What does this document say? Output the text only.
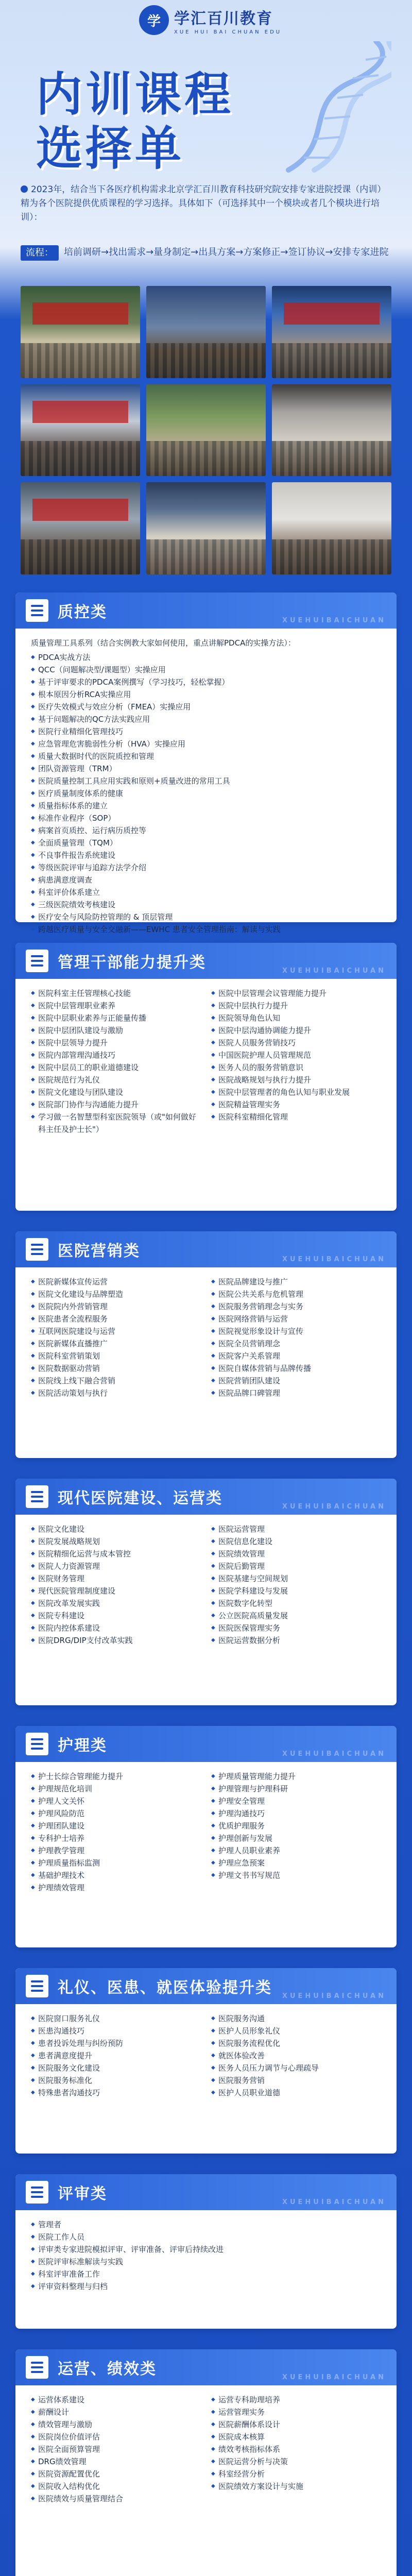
学 学汇百川教育
XUE HUI BAI CHUAN EDU
内训课程
选择单
2023年，结合当下各医疗机构需求北京学汇百川教育科技研究院安排专家进院授课（内训）精为各个医院提供优质课程的学习选择。具体如下（可选择其中一个模块或者几个模块进行培训）：
流程：	培前调研→找出需求→量身制定→出具方案→方案修正→签订协议→安排专家进院
质控类	XUEHUIBAICHUAN
质量管理工具系列（结合实例教大家如何使用，重点讲解PDCA的实操方法）：
◆ PDCA实战方法
◆ QCC（问题解决型/课题型）实操应用
◆ 基于评审要求的PDCA案例撰写（学习技巧，轻松掌握）
◆ 根本原因分析RCA实操应用
◆ 医疗失效模式与效应分析（FMEA）实操应用
◆ 基于问题解决的QC方法实践应用
◆ 医院行业精细化管理技巧
◆ 应急管理危害脆弱性分析（HVA）实操应用
◆ 质量大数据时代的医院质控和管理
◆ 团队资源管理（TRM）
◆ 医院质量控制工具应用实践和原则+质量改进的常用工具
◆ 医疗质量制度体系的健康
◆ 质量指标体系的建立
◆ 标准作业程序（SOP）
◆ 病案首页质控、运行病历质控等
◆ 全面质量管理（TQM）
◆ 不良事件报告系统建设
◆ 等级医院评审与追踪方法学介绍
◆ 病患满意度调查
◆ 科室评价体系建立
◆ 三级医院绩效考核建设
◆ 医疗安全与风险防控管理的 & 顶层管理
◆ 跨越医疗质量与安全交融新——EWHC 患者安全管理指南：解读与实践
管理干部能力提升类	XUEHUIBAICHUAN
◆ 医院科室主任管理核心技能	◆ 医院中层管理会议管理能力提升
◆ 医院中层管理职业素养	◆ 医院中层执行力提升
◆ 医院中层职业素养与正能量传播	◆ 医院领导角色认知
◆ 医院中层团队建设与激励	◆ 医院中层沟通协调能力提升
◆ 医院中层领导力提升	◆ 医院人员服务营销技巧
◆ 医院内部管理沟通技巧	◆ 中国医院护理人员管理规范
◆ 医院中层员工的职业道德建设	◆ 医务人员的服务营销意识
◆ 医院规范行为礼仪	◆ 医院战略规划与执行力提升
◆ 医院文化建设与团队建设	◆ 医院中层管理者的角色认知与职业发展
◆ 医院部门协作与沟通能力提升	◆ 医院精益管理实务
◆ 学习做一名智慧型科室医院领导（或"如何做好科主任及护士长"）
◆ 医院科室精细化管理
医院营销类	XUEHUIBAICHUAN
◆ 医院新媒体宣传运营	◆ 医院品牌建设与推广
◆ 医院文化建设与品牌塑造	◆ 医院公共关系与危机管理
◆ 医院院内外营销管理	◆ 医院服务营销理念与实务
◆ 医院患者全流程服务	◆ 医院网络营销与运营
◆ 互联网医院建设与运营	◆ 医院视觉形象设计与宣传
◆ 医院新媒体直播推广	◆ 医院全员营销理念
◆ 医院科室营销策划	◆ 医院客户关系管理
◆ 医院数据驱动营销	◆ 医院自媒体营销与品牌传播
◆ 医院线上线下融合营销	◆ 医院营销团队建设
◆ 医院活动策划与执行	◆ 医院品牌口碑管理
现代医院建设、运营类	XUEHUIBAICHUAN
◆ 医院文化建设	◆ 医院运营管理
◆ 医院发展战略规划	◆ 医院信息化建设
◆ 医院精细化运营与成本管控	◆ 医院绩效管理
◆ 医院人力资源管理	◆ 医院后勤管理
◆ 医院财务管理	◆ 医院基建与空间规划
◆ 现代医院管理制度建设	◆ 医院学科建设与发展
◆ 医院改革发展实践	◆ 医院数字化转型
◆ 医院专科建设	◆ 公立医院高质量发展
◆ 医院内控体系建设	◆ 医院医保管理实务
◆ 医院DRG/DIP支付改革实践	◆ 医院运营数据分析
护理类	XUEHUIBAICHUAN
◆ 护士长综合管理能力提升	◆ 护理质量管理能力提升
◆ 护理规范化培训	◆ 护理管理与护理科研
◆ 护理人文关怀	◆ 护理安全管理
◆ 护理风险防范	◆ 护理沟通技巧
◆ 护理团队建设	◆ 优质护理服务
◆ 专科护士培养	◆ 护理创新与发展
◆ 护理教学管理	◆ 护理人员职业素养
◆ 护理质量指标监测	◆ 护理应急预案
◆ 基础护理技术	◆ 护理文书书写规范
◆ 护理绩效管理
礼仪、医患、就医体验提升类 XUEHUIBAICHUAN
◆ 医院窗口服务礼仪	◆ 医院服务沟通
◆ 医患沟通技巧	◆ 医护人员形象礼仪
◆ 患者投诉处理与纠纷预防	◆ 医院服务流程优化
◆ 患者满意度提升	◆ 就医体验改善
◆ 医院服务文化建设	◆ 医务人员压力调节与心理疏导
◆ 医院服务标准化	◆ 医院服务营销
◆ 特殊患者沟通技巧	◆ 医护人员职业道德
评审类	XUEHUIBAICHUAN
◆ 管理者
◆ 医院工作人员
◆ 评审类专家进院模拟评审、评审准备、评审后持续改进
◆ 医院评审标准解读与实践
◆ 科室评审准备工作
◆ 评审资料整理与归档
运营、绩效类	XUEHUIBAICHUAN
◆ 运营体系建设	◆ 运营专科助理培养
◆ 薪酬设计	◆ 运营管理实务
◆ 绩效管理与激励	◆ 医院薪酬体系设计
◆ 医院岗位价值评估	◆ 医院成本核算
◆ 医院全面预算管理	◆ 绩效考核指标体系
◆ DRG绩效管理	◆ 医院运营分析与决策
◆ 医院资源配置优化	◆ 科室经营分析
◆ 医院收入结构优化	◆ 医院绩效方案设计与实施
◆ 医院绩效与质量管理结合
